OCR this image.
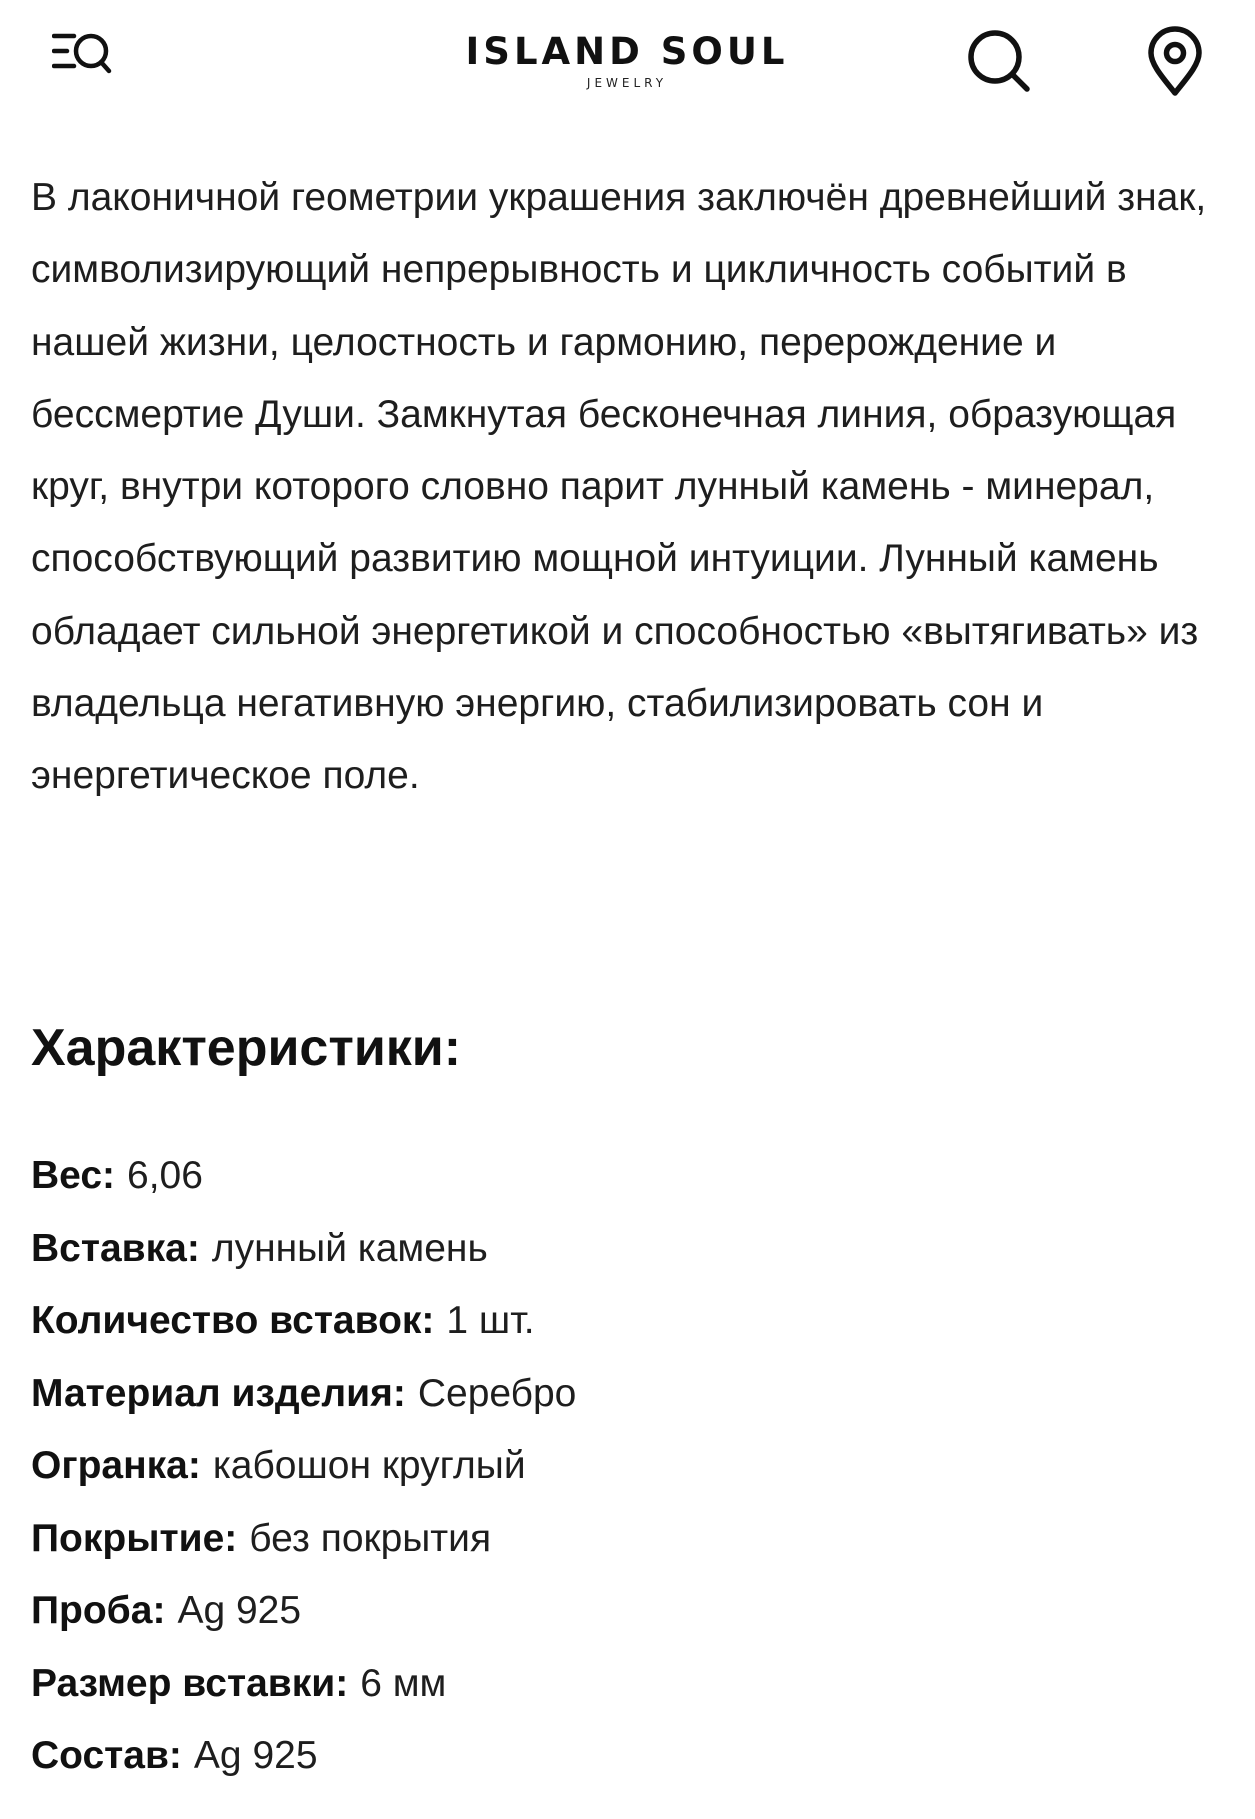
ISLAND SOUL
JEWELRY

В лаконичной геометрии украшения заключён древнейший знак, символизирующий непрерывность и цикличность событий в нашей жизни, целостность и гармонию, перерождение и бессмертие Души. Замкнутая бесконечная линия, образующая круг, внутри которого словно парит лунный камень - минерал, способствующий развитию мощной интуиции. Лунный камень обладает сильной энергетикой и способностью «вытягивать» из владельца негативную энергию, стабилизировать сон и энергетическое поле.

Характеристики:
Вес: 6,06
Вставка: лунный камень
Количество вставок: 1 шт.
Материал изделия: Серебро
Огранка: кабошон круглый
Покрытие: без покрытия
Проба: Ag 925
Размер вставки: 6 мм
Состав: Ag 925
